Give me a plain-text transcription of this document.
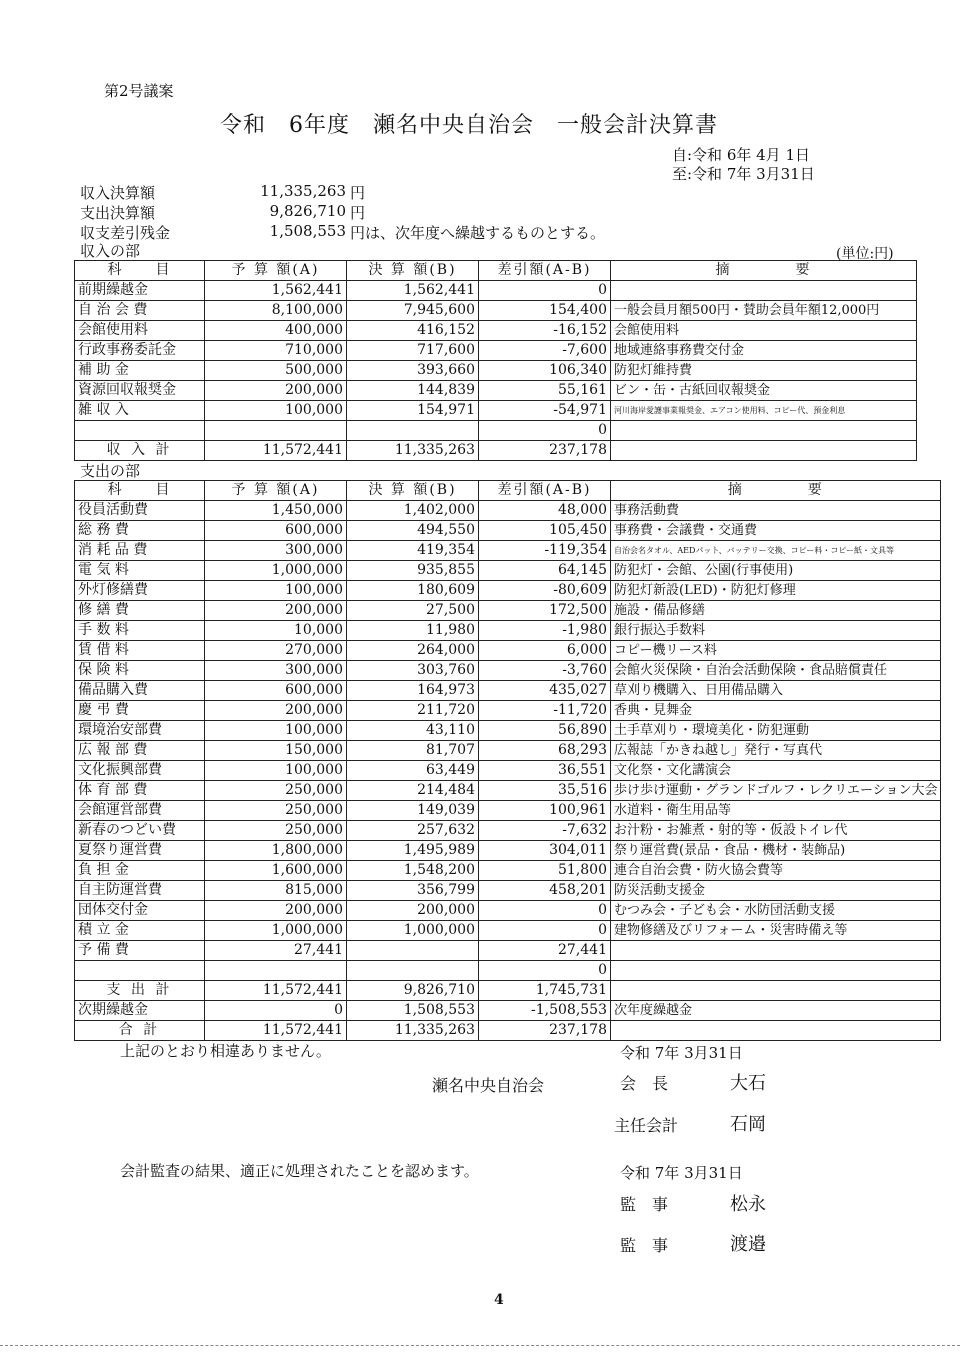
第2号議案
令和　6年度　瀬名中央自治会　一般会計決算書
自:令和 6年 4月 1日
至:令和 7年 3月31日
収入決算額	11,335,263 円
支出決算額	9,826,710 円
収支差引残金	1,508,553 円は、次年度へ繰越するものとする。
収入の部	(単位:円)
科　　目	予 算 額(A)	決 算 額(B)	差引額(A-B)	摘　　　　要
前期繰越金	1,562,441	1,562,441	0	
自 治 会 費	8,100,000	7,945,600	154,400	一般会員月額500円・賛助会員年額12,000円
会館使用料	400,000	416,152	-16,152	会館使用料
行政事務委託金	710,000	717,600	-7,600	地域連絡事務費交付金
補 助 金	500,000	393,660	106,340	防犯灯維持費
資源回収報奨金	200,000	144,839	55,161	ビン・缶・古紙回収報奨金
雑 収 入	100,000	154,971	-54,971	河川海岸愛護事業報奨金、エアコン使用料、コピー代、預金利息
			0	
収 入 計	11,572,441	11,335,263	237,178	
支出の部
科　　目	予 算 額(A)	決 算 額(B)	差引額(A-B)	摘　　　　要
役員活動費	1,450,000	1,402,000	48,000	事務活動費
総 務 費	600,000	494,550	105,450	事務費・会議費・交通費
消 耗 品 費	300,000	419,354	-119,354	自治会名タオル、AEDパット、バッテリー交換、コピー料・コピー紙・文具等
電 気 料	1,000,000	935,855	64,145	防犯灯・会館、公園(行事使用)
外灯修繕費	100,000	180,609	-80,609	防犯灯新設(LED)・防犯灯修理
修 繕 費	200,000	27,500	172,500	施設・備品修繕
手 数 料	10,000	11,980	-1,980	銀行振込手数料
賃 借 料	270,000	264,000	6,000	コピー機リース料
保 険 料	300,000	303,760	-3,760	会館火災保険・自治会活動保険・食品賠償責任
備品購入費	600,000	164,973	435,027	草刈り機購入、日用備品購入
慶 弔 費	200,000	211,720	-11,720	香典・見舞金
環境治安部費	100,000	43,110	56,890	土手草刈り・環境美化・防犯運動
広 報 部 費	150,000	81,707	68,293	広報誌「かきね越し」発行・写真代
文化振興部費	100,000	63,449	36,551	文化祭・文化講演会
体 育 部 費	250,000	214,484	35,516	歩け歩け運動・グランドゴルフ・レクリエーション大会
会館運営部費	250,000	149,039	100,961	水道料・衛生用品等
新春のつどい費	250,000	257,632	-7,632	お汁粉・お雑煮・射的等・仮設トイレ代
夏祭り運営費	1,800,000	1,495,989	304,011	祭り運営費(景品・食品・機材・装飾品)
負 担 金	1,600,000	1,548,200	51,800	連合自治会費・防火協会費等
自主防運営費	815,000	356,799	458,201	防災活動支援金
団体交付金	200,000	200,000	0	むつみ会・子ども会・水防団活動支援
積 立 金	1,000,000	1,000,000	0	建物修繕及びリフォーム・災害時備え等
予 備 費	27,441		27,441	
			0	
支 出 計	11,572,441	9,826,710	1,745,731	
次期繰越金	0	1,508,553	-1,508,553	次年度繰越金
合 計	11,572,441	11,335,263	237,178	
上記のとおり相違ありません。	令和 7年 3月31日
瀬名中央自治会	会　長	大石
主任会計	石岡
会計監査の結果、適正に処理されたことを認めます。	令和 7年 3月31日
監　事	松永
監　事	渡邉
4
